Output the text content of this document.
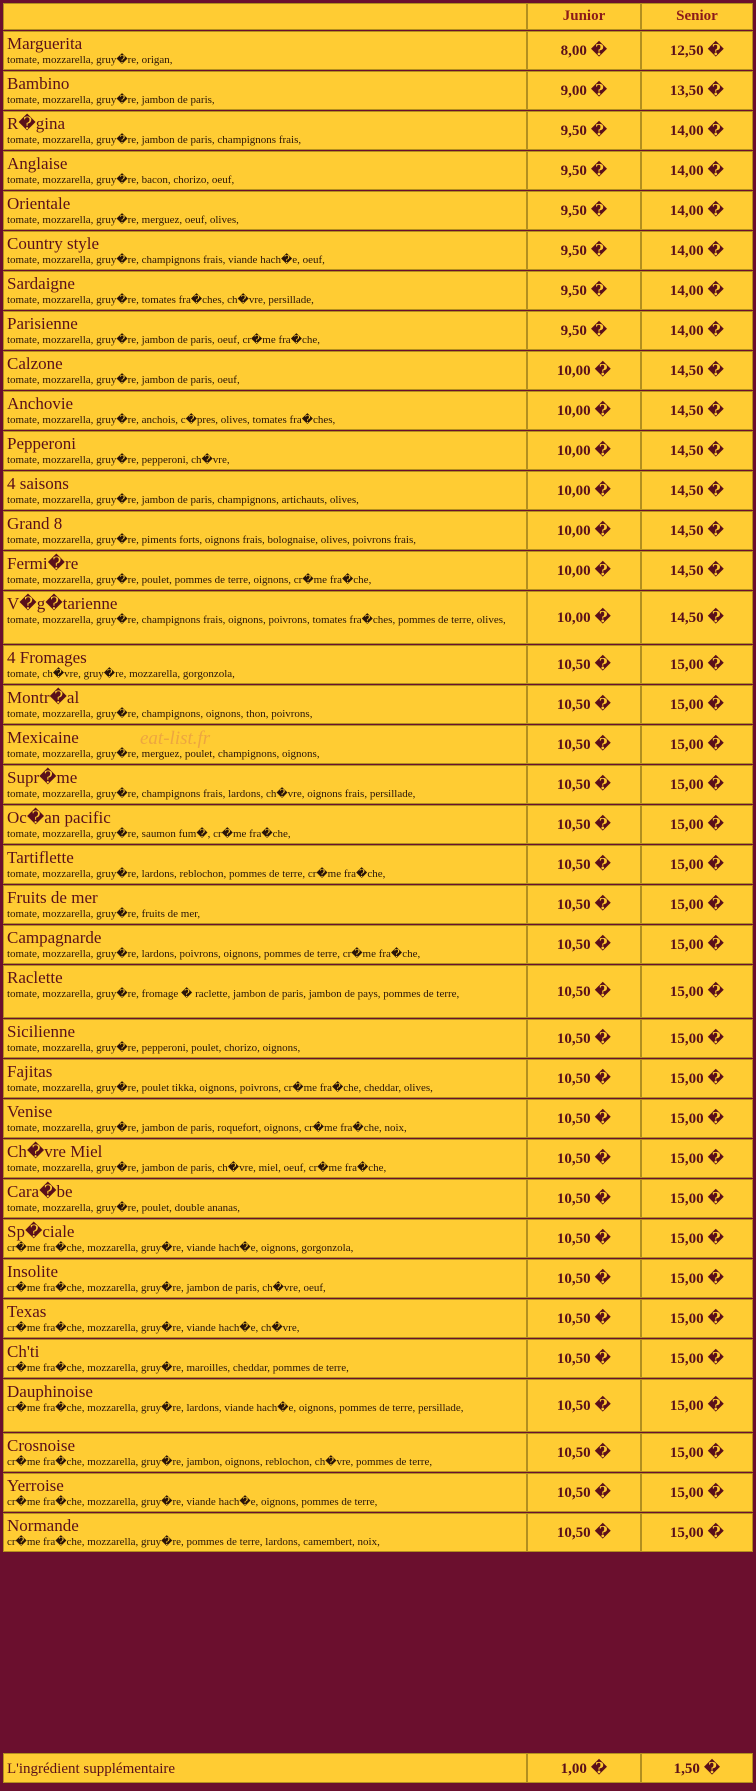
Junior	Senior
Marguerita
tomate, mozzarella, gruy�re, origan,
8,00 �	12,50 �
Bambino
tomate, mozzarella, gruy�re, jambon de paris,
9,00 �	13,50 �
R�gina
tomate, mozzarella, gruy�re, jambon de paris, champignons frais,
9,50 �	14,00 �
Anglaise
tomate, mozzarella, gruy�re, bacon, chorizo, oeuf,
9,50 �	14,00 �
Orientale
tomate, mozzarella, gruy�re, merguez, oeuf, olives,
9,50 �	14,00 �
Country style
tomate, mozzarella, gruy�re, champignons frais, viande hach�e, oeuf,
9,50 �	14,00 �
Sardaigne
tomate, mozzarella, gruy�re, tomates fra�ches, ch�vre, persillade,
9,50 �	14,00 �
Parisienne
tomate, mozzarella, gruy�re, jambon de paris, oeuf, cr�me fra�che,
9,50 �	14,00 �
Calzone
tomate, mozzarella, gruy�re, jambon de paris, oeuf,
10,00 �	14,50 �
Anchovie
tomate, mozzarella, gruy�re, anchois, c�pres, olives, tomates fra�ches,
10,00 �	14,50 �
Pepperoni
tomate, mozzarella, gruy�re, pepperoni, ch�vre,
10,00 �	14,50 �
4 saisons
tomate, mozzarella, gruy�re, jambon de paris, champignons, artichauts, olives,
10,00 �	14,50 �
Grand 8
tomate, mozzarella, gruy�re, piments forts, oignons frais, bolognaise, olives, poivrons frais,
10,00 �	14,50 �
Fermi�re
tomate, mozzarella, gruy�re, poulet, pommes de terre, oignons, cr�me fra�che,
10,00 �	14,50 �
V�g�tarienne
tomate, mozzarella, gruy�re, champignons frais, oignons, poivrons, tomates fra�ches, pommes de terre, olives,	10,00 �	14,50 �
4 Fromages
tomate, ch�vre, gruy�re, mozzarella, gorgonzola,
10,50 �	15,00 �
Montr�al
tomate, mozzarella, gruy�re, champignons, oignons, thon, poivrons,
10,50 �	15,00 �
Mexicaine
tomate, mozzarella, gruy�re, merguez, poulet, champignons, oignons,
10,50 �	15,00 �
Supr�me
tomate, mozzarella, gruy�re, champignons frais, lardons, ch�vre, oignons frais, persillade,
10,50 �	15,00 �
Oc�an pacific
tomate, mozzarella, gruy�re, saumon fum�, cr�me fra�che,
10,50 �	15,00 �
Tartiflette
tomate, mozzarella, gruy�re, lardons, reblochon, pommes de terre, cr�me fra�che,
10,50 �	15,00 �
Fruits de mer
tomate, mozzarella, gruy�re, fruits de mer,
10,50 �	15,00 �
Campagnarde
tomate, mozzarella, gruy�re, lardons, poivrons, oignons, pommes de terre, cr�me fra�che,
10,50 �	15,00 �
Raclette
tomate, mozzarella, gruy�re, fromage � raclette, jambon de paris, jambon de pays, pommes de terre,	10,50 �	15,00 �
Sicilienne
tomate, mozzarella, gruy�re, pepperoni, poulet, chorizo, oignons,
10,50 �	15,00 �
Fajitas
tomate, mozzarella, gruy�re, poulet tikka, oignons, poivrons, cr�me fra�che, cheddar, olives,
10,50 �	15,00 �
Venise
tomate, mozzarella, gruy�re, jambon de paris, roquefort, oignons, cr�me fra�che, noix,
10,50 �	15,00 �
Ch�vre Miel
tomate, mozzarella, gruy�re, jambon de paris, ch�vre, miel, oeuf, cr�me fra�che,
10,50 �	15,00 �
Cara�be
tomate, mozzarella, gruy�re, poulet, double ananas,
10,50 �	15,00 �
Sp�ciale
cr�me fra�che, mozzarella, gruy�re, viande hach�e, oignons, gorgonzola,
10,50 �	15,00 �
Insolite
cr�me fra�che, mozzarella, gruy�re, jambon de paris, ch�vre, oeuf,
10,50 �	15,00 �
Texas
cr�me fra�che, mozzarella, gruy�re, viande hach�e, ch�vre,
10,50 �	15,00 �
Ch'ti
cr�me fra�che, mozzarella, gruy�re, maroilles, cheddar, pommes de terre,
10,50 �	15,00 �
Dauphinoise
cr�me fra�che, mozzarella, gruy�re, lardons, viande hach�e, oignons, pommes de terre, persillade,	10,50 �	15,00 �
Crosnoise
cr�me fra�che, mozzarella, gruy�re, jambon, oignons, reblochon, ch�vre, pommes de terre,
10,50 �	15,00 �
Yerroise
cr�me fra�che, mozzarella, gruy�re, viande hach�e, oignons, pommes de terre,
10,50 �	15,00 �
Normande
cr�me fra�che, mozzarella, gruy�re, pommes de terre, lardons, camembert, noix,
10,50 �	15,00 �
L'ingrédient supplémentaire	1,00 �	1,50 �
eat-list.fr
